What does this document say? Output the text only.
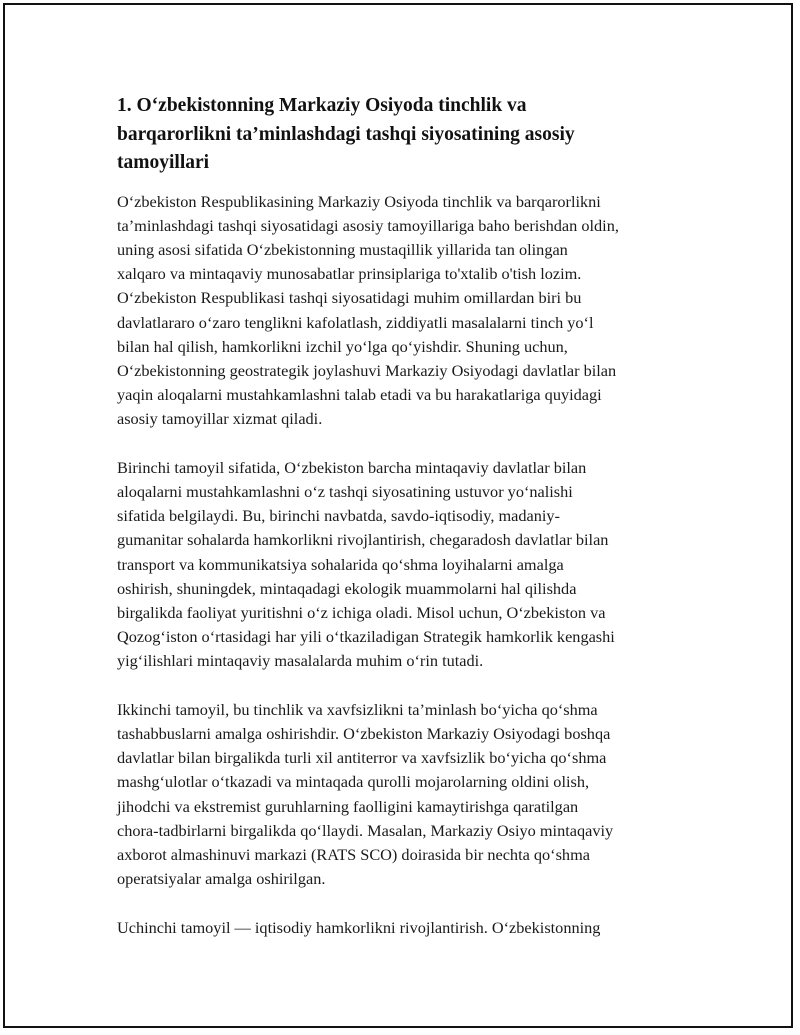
1. O‘zbekistonning Markaziy Osiyoda tinchlik va
barqarorlikni ta’minlashdagi tashqi siyosatining asosiy
tamoyillari

O‘zbekiston Respublikasining Markaziy Osiyoda tinchlik va barqarorlikni
ta’minlashdagi tashqi siyosatidagi asosiy tamoyillariga baho berishdan oldin,
uning asosi sifatida O‘zbekistonning mustaqillik yillarida tan olingan
xalqaro va mintaqaviy munosabatlar prinsiplariga to'xtalib o'tish lozim.
O‘zbekiston Respublikasi tashqi siyosatidagi muhim omillardan biri bu
davlatlararo o‘zaro tenglikni kafolatlash, ziddiyatli masalalarni tinch yo‘l
bilan hal qilish, hamkorlikni izchil yo‘lga qo‘yishdir. Shuning uchun,
O‘zbekistonning geostrategik joylashuvi Markaziy Osiyodagi davlatlar bilan
yaqin aloqalarni mustahkamlashni talab etadi va bu harakatlariga quyidagi
asosiy tamoyillar xizmat qiladi.

Birinchi tamoyil sifatida, O‘zbekiston barcha mintaqaviy davlatlar bilan
aloqalarni mustahkamlashni o‘z tashqi siyosatining ustuvor yo‘nalishi
sifatida belgilaydi. Bu, birinchi navbatda, savdo-iqtisodiy, madaniy-
gumanitar sohalarda hamkorlikni rivojlantirish, chegaradosh davlatlar bilan
transport va kommunikatsiya sohalarida qo‘shma loyihalarni amalga
oshirish, shuningdek, mintaqadagi ekologik muammolarni hal qilishda
birgalikda faoliyat yuritishni o‘z ichiga oladi. Misol uchun, O‘zbekiston va
Qozog‘iston o‘rtasidagi har yili o‘tkaziladigan Strategik hamkorlik kengashi
yig‘ilishlari mintaqaviy masalalarda muhim o‘rin tutadi.

Ikkinchi tamoyil, bu tinchlik va xavfsizlikni ta’minlash bo‘yicha qo‘shma
tashabbuslarni amalga oshirishdir. O‘zbekiston Markaziy Osiyodagi boshqa
davlatlar bilan birgalikda turli xil antiterror va xavfsizlik bo‘yicha qo‘shma
mashg‘ulotlar o‘tkazadi va mintaqada qurolli mojarolarning oldini olish,
jihodchi va ekstremist guruhlarning faolligini kamaytirishga qaratilgan
chora-tadbirlarni birgalikda qo‘llaydi. Masalan, Markaziy Osiyo mintaqaviy
axborot almashinuvi markazi (RATS SCO) doirasida bir nechta qo‘shma
operatsiyalar amalga oshirilgan.

Uchinchi tamoyil — iqtisodiy hamkorlikni rivojlantirish. O‘zbekistonning
